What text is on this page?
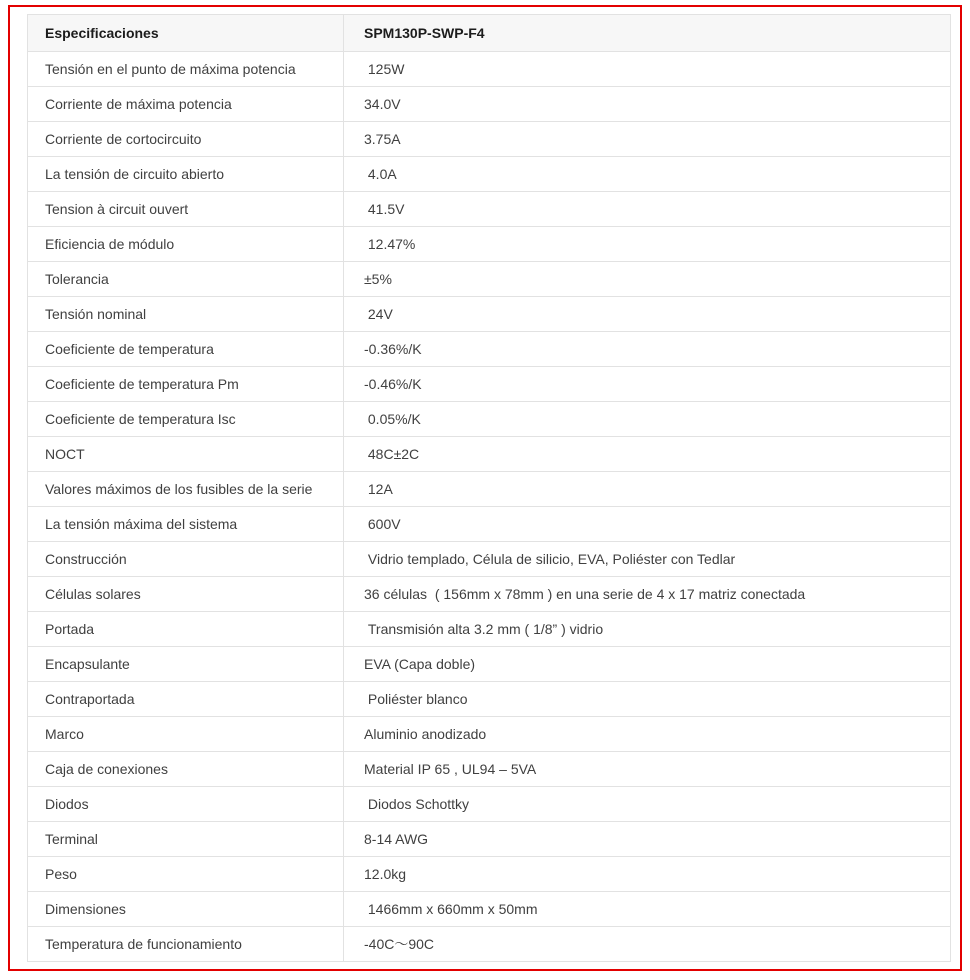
Especificaciones	SPM130P-SWP-F4
Tensión en el punto de máxima potencia	125W
Corriente de máxima potencia	34.0V
Corriente de cortocircuito	3.75A
La tensión de circuito abierto	4.0A
Tension à circuit ouvert	41.5V
Eficiencia de módulo	12.47%
Tolerancia	±5%
Tensión nominal	24V
Coeficiente de temperatura	-0.36%/K
Coeficiente de temperatura Pm	-0.46%/K
Coeficiente de temperatura Isc	0.05%/K
NOCT	48C±2C
Valores máximos de los fusibles de la serie	12A
La tensión máxima del sistema	600V
Construcción	Vidrio templado, Célula de silicio, EVA, Poliéster con Tedlar
Células solares	36 células  ( 156mm x 78mm ) en una serie de 4 x 17 matriz conectada
Portada	Transmisión alta 3.2 mm ( 1/8” ) vidrio
Encapsulante	EVA (Capa doble)
Contraportada	Poliéster blanco
Marco	Aluminio anodizado
Caja de conexiones	Material IP 65 , UL94 – 5VA
Diodos	Diodos Schottky
Terminal	8-14 AWG
Peso	12.0kg
Dimensiones	1466mm x 660mm x 50mm
Temperatura de funcionamiento	-40C～90C
